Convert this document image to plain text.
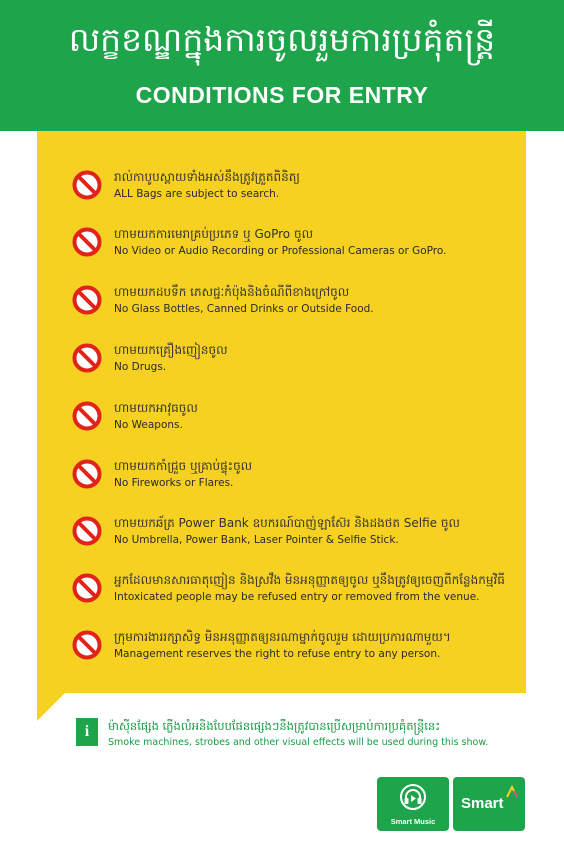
លក្ខខណ្ឌក្នុងការចូលរួមការប្រគុំតន្ត្រី
CONDITIONS FOR ENTRY
រាល់កាបូបស្ពាយទាំងអស់នឹងត្រូវត្រួតពិនិត្យ
ALL Bags are subject to search.
ហាមយកការមេរាគ្រប់ប្រភេទ ឬ GoPro ចូល
No Video or Audio Recording or Professional Cameras or GoPro.
ហាមយកដបទឹក ភេសជ្ជៈកំប៉ុងនិងចំណីពីខាងក្រៅចូល
No Glass Bottles, Canned Drinks or Outside Food.
ហាមយកគ្រឿងញៀនចូល
No Drugs.
ហាមយកអាវុធចូល
No Weapons.
ហាមយកកាំជ្រួច ឬគ្រាប់ផ្ទុះចូល
No Fireworks or Flares.
ហាមយកឆ័ត្រ Power Bank ឧបករណ៍បាញ់ឡាស៊ែរ និងដងថត Selfie ចូល
No Umbrella, Power Bank, Laser Pointer & Selfie Stick.
អ្នកដែលមានសារធាតុញៀន និងស្រវឹង មិនអនុញ្ញាតឲ្យចូល ឬនឹងត្រូវឲ្យចេញពីកន្លែងកម្មវិធី
Intoxicated people may be refused entry or removed from the venue.
ក្រុមការងាររក្សាសិទ្ធ មិនអនុញ្ញាតឲ្យនរណាម្នាក់ចូលរួម ដោយប្រការណាមួយ។
Management reserves the right to refuse entry to any person.
i	ម៉ាស៊ីនផ្សែង ភ្លើងលំអនិងបែបផែនផ្សេងៗនឹងត្រូវបានប្រើសម្រាប់ការប្រគុំតន្ត្រីនេះ
Smoke machines, strobes and other visual effects will be used during this show.
Smart Music
Smart
